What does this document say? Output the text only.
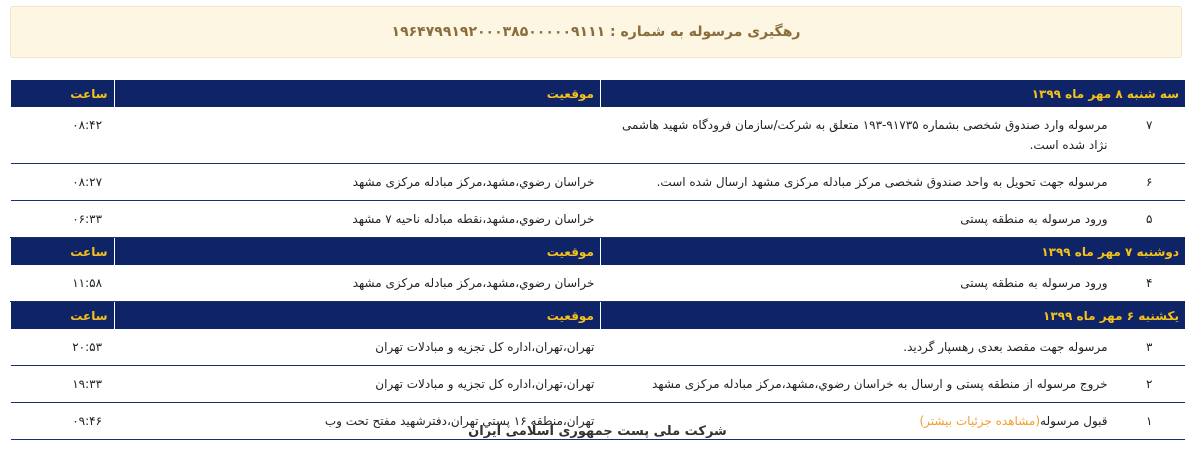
رهگیری مرسوله به شماره : ۱۹۶۴۷۹۹۱۹۲۰۰۰۳۸۵۰۰۰۰۰۹۱۱۱
سه شنبه ۸ مهر ماه ۱۳۹۹		موقعیت	ساعت
۷	مرسوله وارد صندوق شخصی بشماره ۹۱۷۳۵-۱۹۳ متعلق به شرکت/سازمان فرودگاه شهید هاشمی نژاد شده است.		۰۸:۴۲
۶	مرسوله جهت تحویل به واحد صندوق شخصی مرکز مبادله مرکزی مشهد ارسال شده است.	خراسان رضوي،مشهد،مرکز مبادله مرکزی مشهد	۰۸:۲۷
۵	ورود مرسوله به منطقه پستی	خراسان رضوي،مشهد،نقطه مبادله ناحیه ۷ مشهد	۰۶:۳۳
دوشنبه ۷ مهر ماه ۱۳۹۹		موقعیت	ساعت
۴	ورود مرسوله به منطقه پستی	خراسان رضوي،مشهد،مرکز مبادله مرکزی مشهد	۱۱:۵۸
یکشنبه ۶ مهر ماه ۱۳۹۹		موقعیت	ساعت
۳	مرسوله جهت مقصد بعدی رهسپار گردید.	تهران،تهران،اداره کل تجزیه و مبادلات تهران	۲۰:۵۳
۲	خروج مرسوله از منطقه پستی و ارسال به خراسان رضوي،مشهد،مرکز مبادله مرکزی مشهد	تهران،تهران،اداره کل تجزیه و مبادلات تهران	۱۹:۳۳
۱	قبول مرسوله(مشاهده جزئیات بیشتر)	تهران،منطقه ۱۶ پستي تهران،دفترشهید مفتح تحت وب	۰۹:۴۶
شرکت ملی پست جمهوری اسلامی ایران
